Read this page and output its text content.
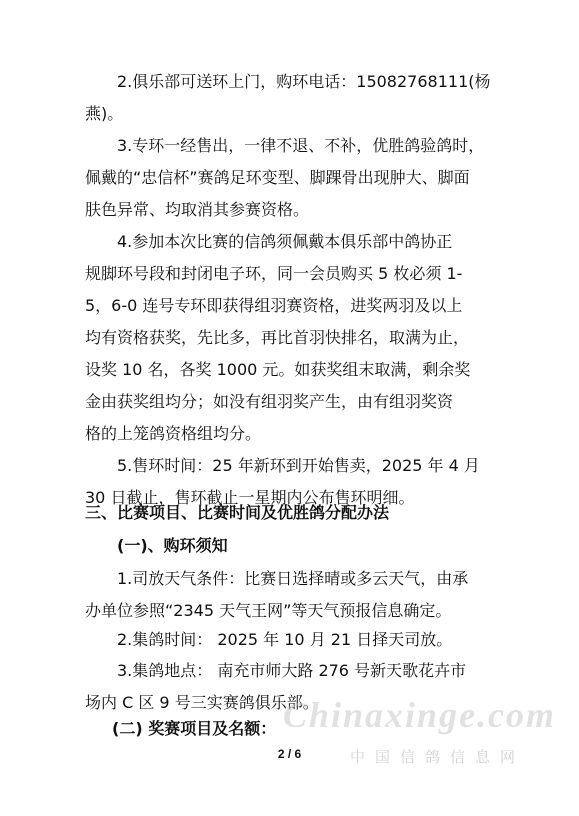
2.俱乐部可送环上门，购环电话：15082768111(杨
燕)。
3.专环一经售出，一律不退、不补，优胜鸽验鸽时，
佩戴的“忠信杯”赛鸽足环变型、脚踝骨出现肿大、脚面
肤色异常、均取消其参赛资格。
4.参加本次比赛的信鸽须佩戴本俱乐部中鸽协正
规脚环号段和封闭电子环，同一会员购买 5 枚必须 1-
5，6-0 连号专环即获得组羽赛资格，进奖两羽及以上
均有资格获奖，先比多，再比首羽快排名，取满为止，
设奖 10 名，各奖 1000 元。如获奖组末取满，剩余奖
金由获奖组均分；如没有组羽奖产生，由有组羽奖资
格的上笼鸽资格组均分。
5.售环时间：25 年新环到开始售卖，2025 年 4 月
30 日截止，售环截止一星期内公布售环明细。
三、比赛项目、比赛时间及优胜鸽分配办法
(一)、购环须知
1.司放天气条件：比赛日选择晴或多云天气，由承
办单位参照“2345 天气王网”等天气预报信息确定。
2.集鸽时间： 2025 年 10 月 21 日择天司放。
3.集鸽地点： 南充市师大路 276 号新天歌花卉市
场内 C 区 9 号三实赛鸽俱乐部。
(二) 奖赛项目及名额：
2 / 6
Chinaxinge.com
中国信鸽信息网
